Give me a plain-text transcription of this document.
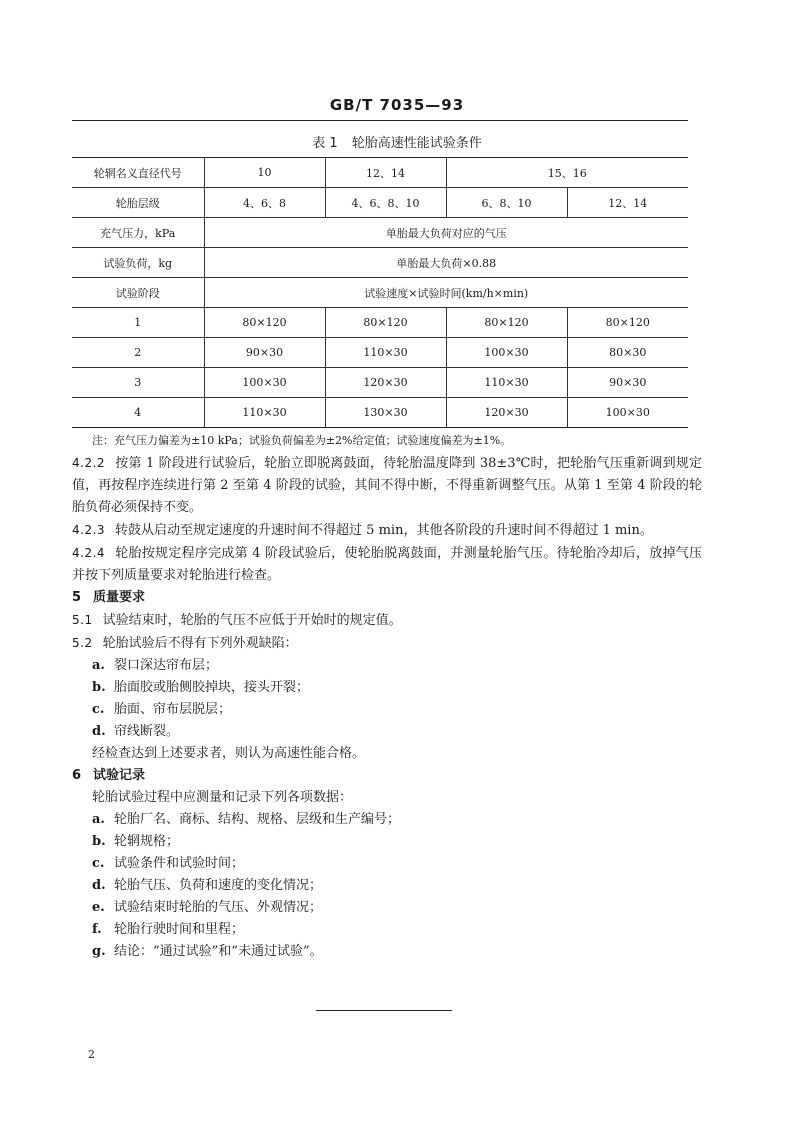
GB/T 7035—93
表 1 轮胎高速性能试验条件
轮辋名义直径代号	10	12、14	15、16	
轮胎层级	4、6、8	4、6、8、10	6、8、10	12、14
充气压力，kPa	单胎最大负荷对应的气压			
试验负荷，kg	单胎最大负荷×0.88			
试验阶段	试验速度×试验时间(km/h×min)			
1	80×120	80×120	80×120	80×120
2	90×30	110×30	100×30	80×30
3	100×30	120×30	110×30	90×30
4	110×30	130×30	120×30	100×30
注：充气压力偏差为±10 kPa；试验负荷偏差为±2%给定值；试验速度偏差为±1%。

4.2.2 按第 1 阶段进行试验后，轮胎立即脱离鼓面，待轮胎温度降到 38±3℃时，把轮胎气压重新调到规定值，再按程序连续进行第 2 至第 4 阶段的试验，其间不得中断，不得重新调整气压。从第 1 至第 4 阶段的轮胎负荷必须保持不变。

4.2.3 转鼓从启动至规定速度的升速时间不得超过 5 min，其他各阶段的升速时间不得超过 1 min。

4.2.4 轮胎按规定程序完成第 4 阶段试验后，使轮胎脱离鼓面，并测量轮胎气压。待轮胎冷却后，放掉气压并按下列质量要求对轮胎进行检查。

5 质量要求

5.1 试验结束时，轮胎的气压不应低于开始时的规定值。

5.2 轮胎试验后不得有下列外观缺陷：

a. 裂口深达帘布层；

b. 胎面胶或胎侧胶掉块，接头开裂；

c. 胎面、帘布层脱层；

d. 帘线断裂。

经检查达到上述要求者，则认为高速性能合格。

6 试验记录

轮胎试验过程中应测量和记录下列各项数据：

a. 轮胎厂名、商标、结构、规格、层级和生产编号；

b. 轮辋规格；

c. 试验条件和试验时间；

d. 轮胎气压、负荷和速度的变化情况；

e. 试验结束时轮胎的气压、外观情况；

f. 轮胎行驶时间和里程；

g. 结论：“通过试验”和“未通过试验”。

2
